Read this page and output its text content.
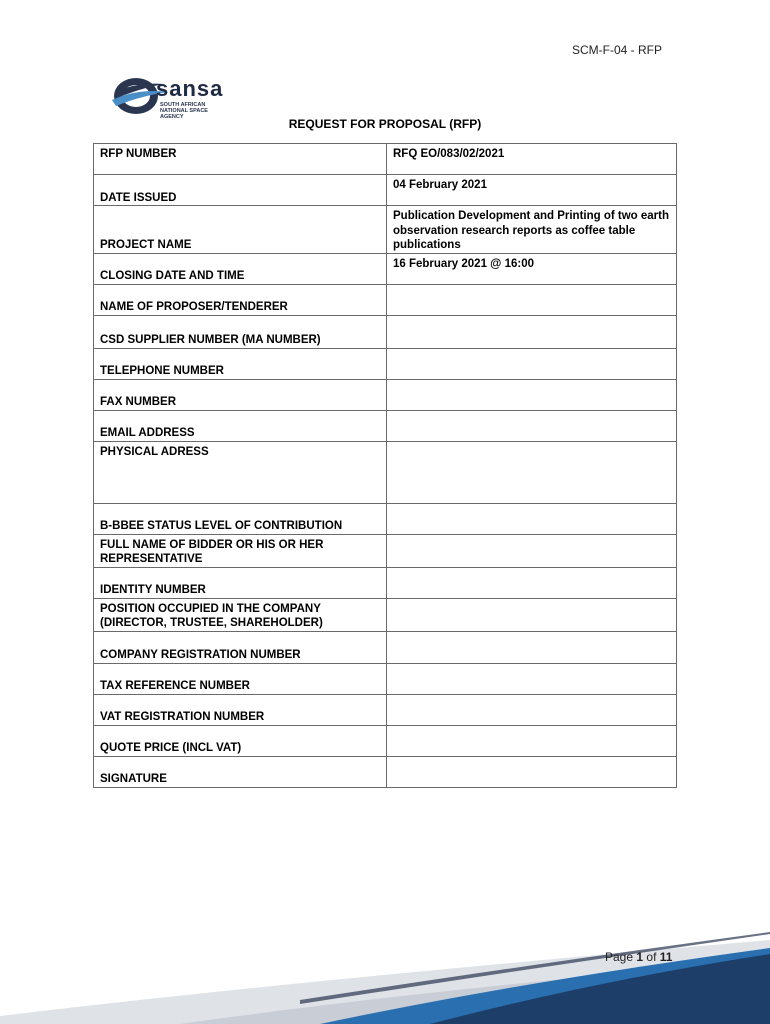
SCM-F-04 - RFP
sansa
SOUTH AFRICAN NATIONAL SPACE AGENCY	REQUEST FOR PROPOSAL (RFP)
RFP NUMBER	RFQ EO/083/02/2021
DATE ISSUED	04 February 2021
PROJECT NAME	Publication Development and Printing of two earth observation research reports as coffee table publications
CLOSING DATE AND TIME	16 February 2021 @ 16:00
NAME OF PROPOSER/TENDERER	
CSD SUPPLIER NUMBER (MA NUMBER)	
TELEPHONE NUMBER	
FAX NUMBER	
EMAIL ADDRESS	
PHYSICAL ADRESS	
B-BBEE STATUS LEVEL OF CONTRIBUTION	
FULL NAME OF BIDDER OR HIS OR HER REPRESENTATIVE	
IDENTITY NUMBER	
POSITION OCCUPIED IN THE COMPANY (DIRECTOR, TRUSTEE, SHAREHOLDER)	
COMPANY REGISTRATION NUMBER	
TAX REFERENCE NUMBER	
VAT REGISTRATION NUMBER	
QUOTE PRICE (INCL VAT)	
SIGNATURE	
Page 1 of 11
